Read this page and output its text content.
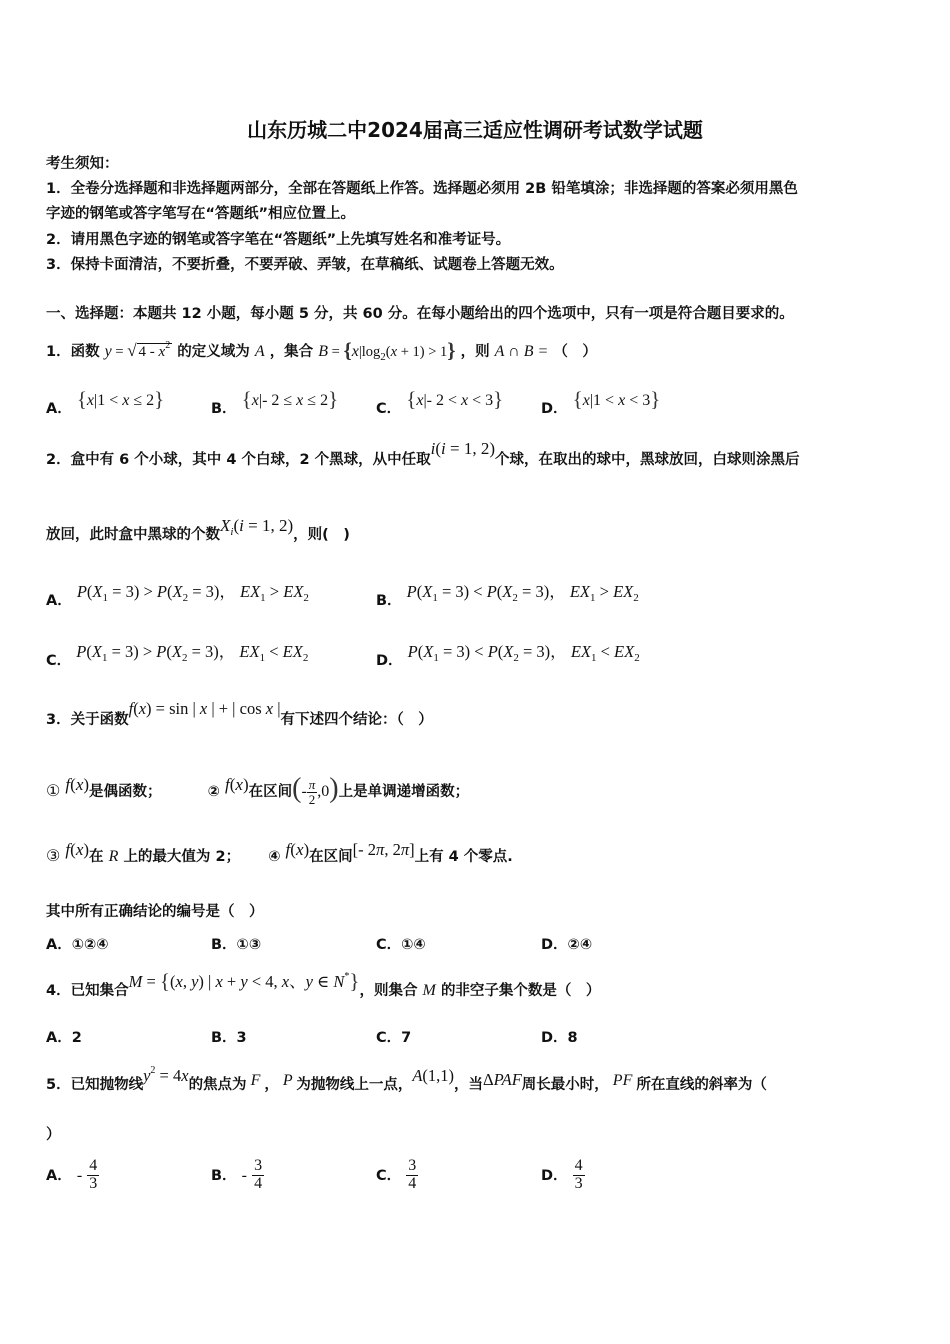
山东历城二中2024届高三适应性调研考试数学试题
考生须知：
1．全卷分选择题和非选择题两部分，全部在答题纸上作答。选择题必须用 2B 铅笔填涂；非选择题的答案必须用黑色
字迹的钢笔或答字笔写在“答题纸”相应位置上。
2．请用黑色字迹的钢笔或答字笔在“答题纸”上先填写姓名和准考证号。
3．保持卡面清洁，不要折叠，不要弄破、弄皱，在草稿纸、试题卷上答题无效。
一、选择题：本题共 12 小题，每小题 5 分，共 60 分。在每小题给出的四个选项中，只有一项是符合题目要求的。
1．函数 y = √ $4 - x^2$ 的定义域为 A ，集合 $B = \{x|\log_2(x + 1) > 1\}$ ，则 A ∩ B = （　）
A． {x|1 < x ≤ 2}	B． {x|- 2 ≤ x ≤ 2}	C． {x|- 2 < x < 3}	D． {x|1 < x < 3}
2．盒中有 6 个小球，其中 4 个白球，2 个黑球，从中任取i(i = 1, 2)个球，在取出的球中，黑球放回，白球则涂黑后
放回，此时盒中黑球的个数$X_i(i = 1$, 2)，则(　)
A． $P(X_1 = 3) > P(X_2 = 3)$， $EX_1 > EX_2$	B． $P(X_1 = 3) < P(X_2 = 3)$， $EX_1 > EX_2$
C． $P(X_1 = 3) > P(X_2 = 3)$， $EX_1 < EX_2$	D． $P(X_1 = 3) < P(X_2 = 3)$， $EX_1 < EX_2$
3．关于函数f(x) = sin | x | + | cos x |有下述四个结论：（　）
① f(x)是偶函数；	② f(x)在区间(- $\frac{\pi}{2} ,0$)上是单调递增函数；
③ f(x)在 R 上的最大值为 2； ④ f(x)在区间[- 2π, 2π]上有 4 个零点.
其中所有正确结论的编号是（　）
A．①②④	B．①③	C．①④	D．②④
4．已知集合M = {(x, y) | x + y < 4, x、y ∈ N*}，则集合 M 的非空子集个数是（　）
A．2	B．3	C．7	D．8
5．已知抛物线$y^2 = 4x$的焦点为 F ， P 为抛物线上一点，A(1,1)，当ΔPAF周长最小时， PF 所在直线的斜率为（
）
A． - $\frac{4}{3}$	B． - $\frac{3}{4}$	C． $\frac{3}{4}$	D． $\frac{4}{3}$
